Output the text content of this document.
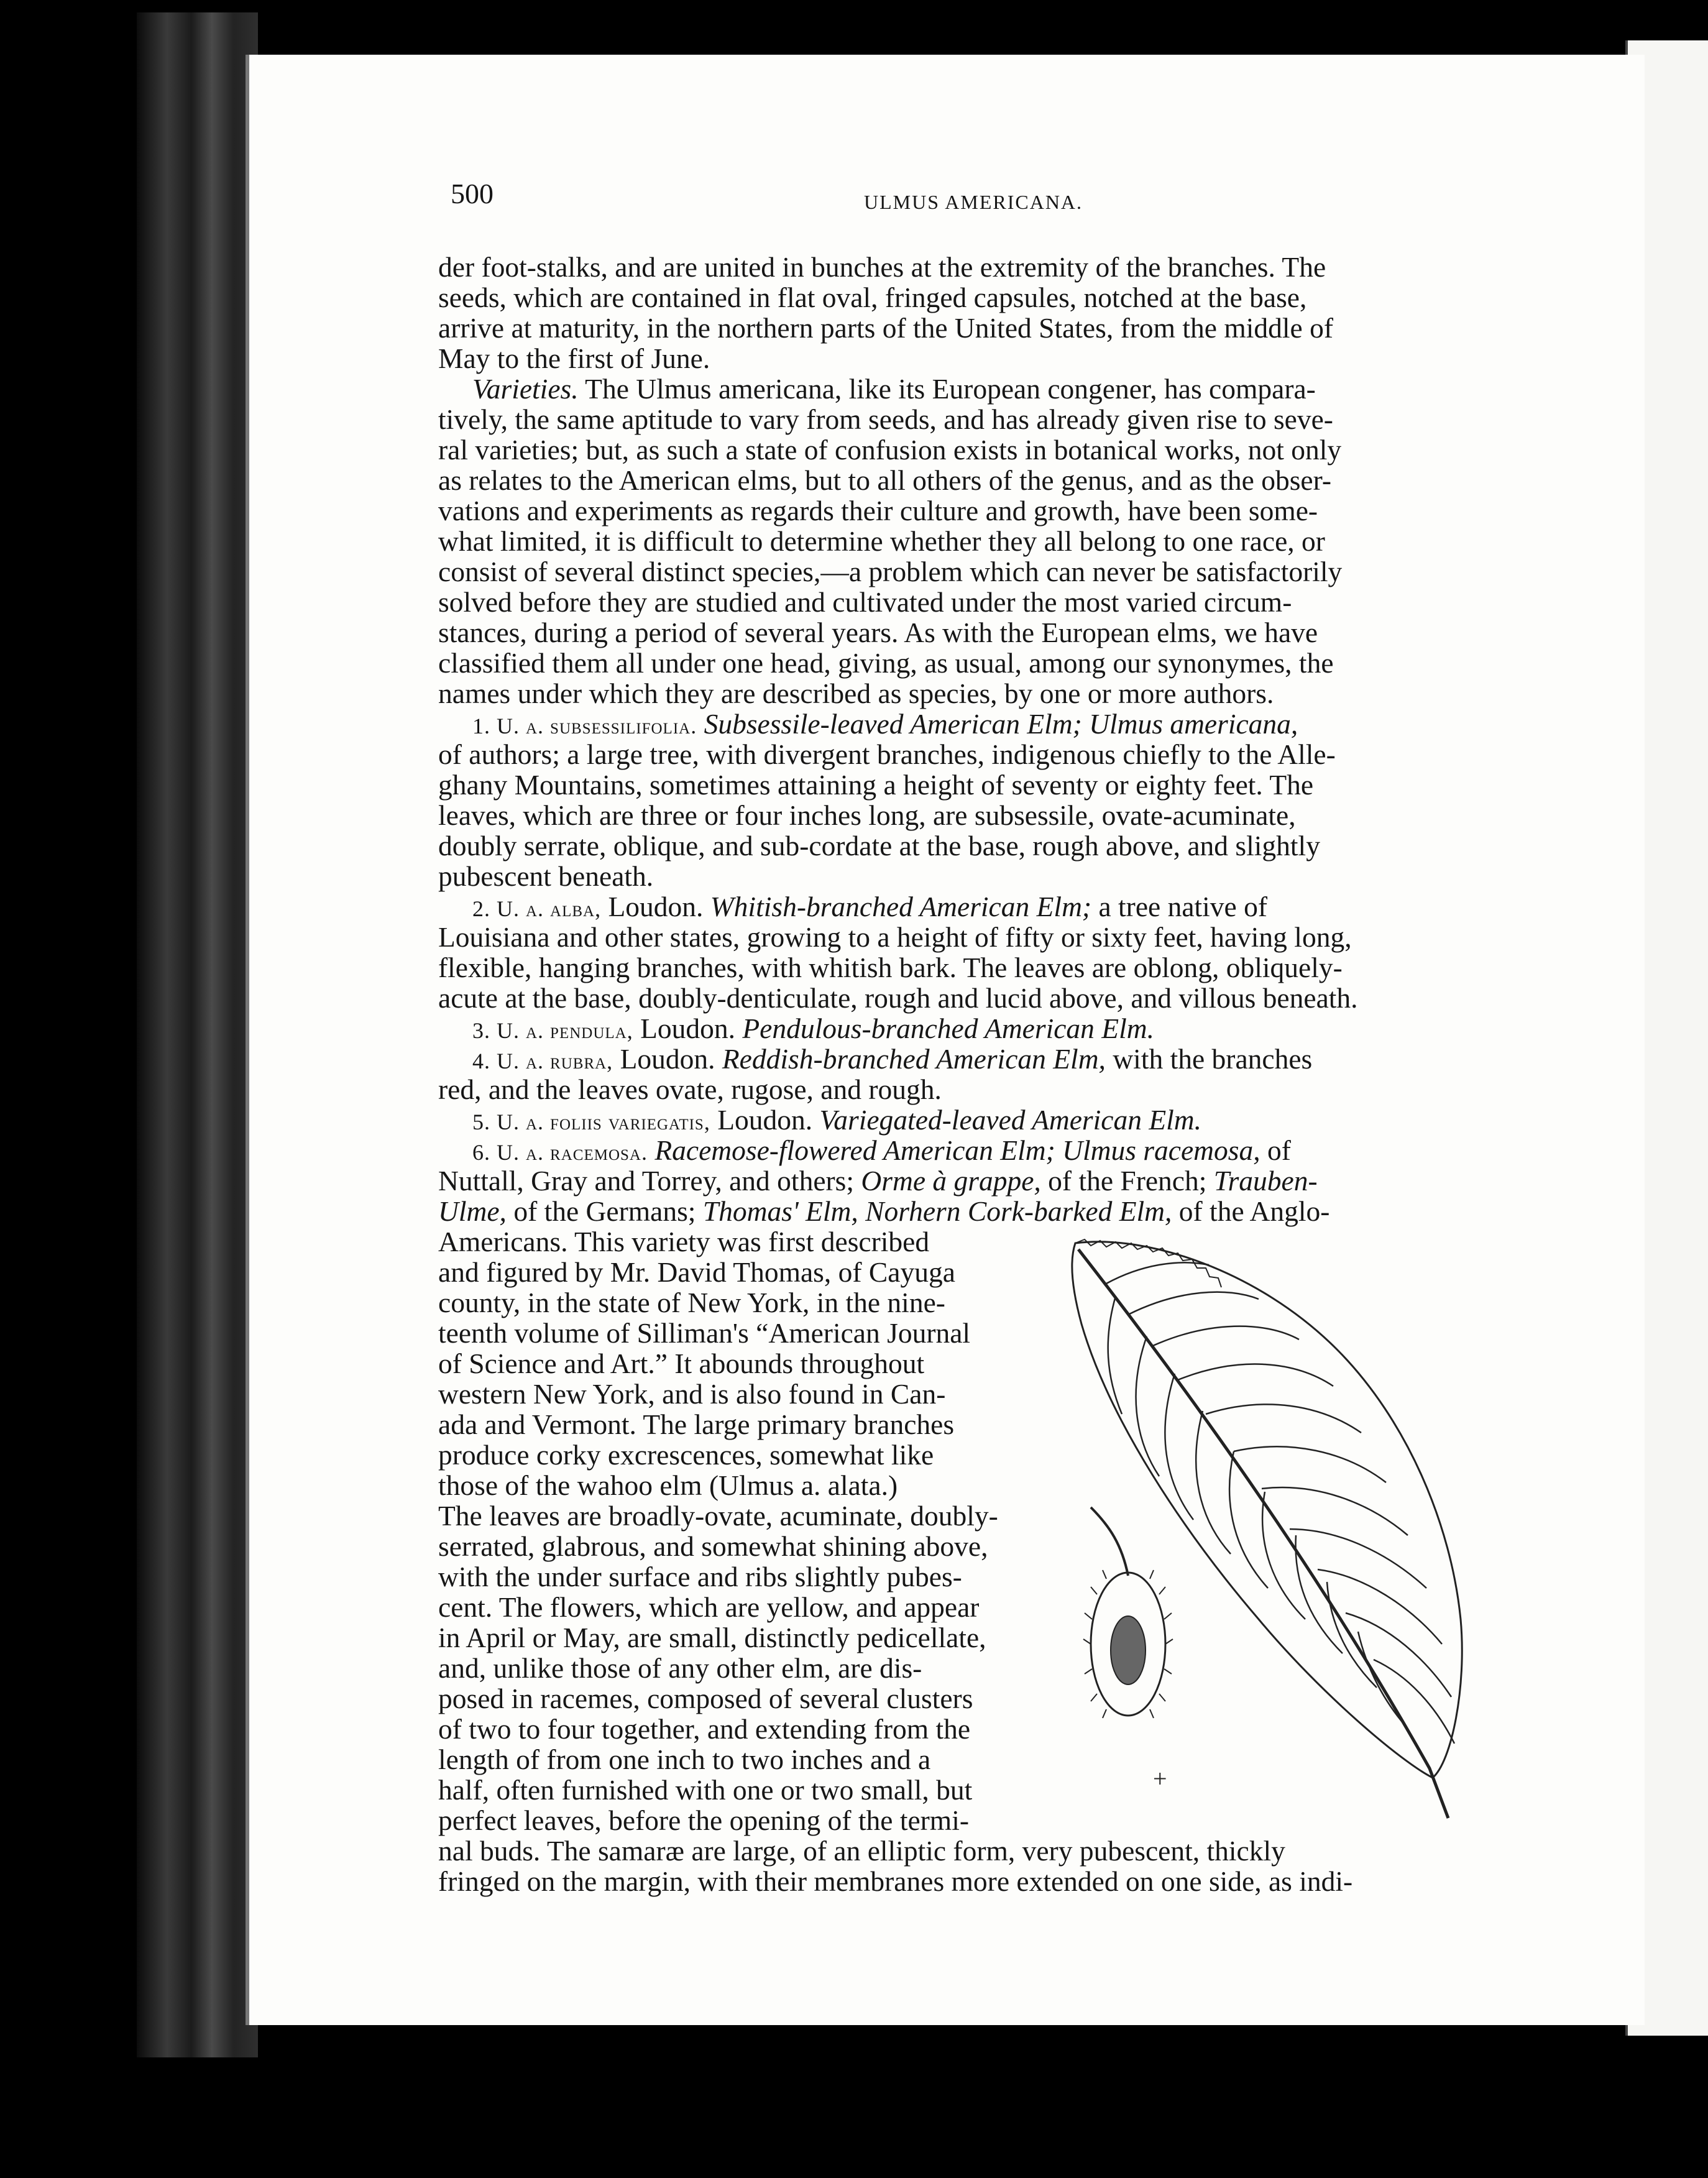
500	ULMUS AMERICANA.
der foot-stalks, and are united in bunches at the extremity of the branches. The
seeds, which are contained in flat oval, fringed capsules, notched at the base,
arrive at maturity, in the northern parts of the United States, from the middle of
May to the first of June.
Varieties. The Ulmus americana, like its European congener, has compara-
tively, the same aptitude to vary from seeds, and has already given rise to seve-
ral varieties; but, as such a state of confusion exists in botanical works, not only
as relates to the American elms, but to all others of the genus, and as the obser-
vations and experiments as regards their culture and growth, have been some-
what limited, it is difficult to determine whether they all belong to one race, or
consist of several distinct species,—a problem which can never be satisfactorily
solved before they are studied and cultivated under the most varied circum-
stances, during a period of several years. As with the European elms, we have
classified them all under one head, giving, as usual, among our synonymes, the
names under which they are described as species, by one or more authors.
1. U. a. subsessilifolia. Subsessile-leaved American Elm; Ulmus americana,
of authors; a large tree, with divergent branches, indigenous chiefly to the Alle-
ghany Mountains, sometimes attaining a height of seventy or eighty feet. The
leaves, which are three or four inches long, are subsessile, ovate-acuminate,
doubly serrate, oblique, and sub-cordate at the base, rough above, and slightly
pubescent beneath.
2. U. a. alba, Loudon. Whitish-branched American Elm; a tree native of
Louisiana and other states, growing to a height of fifty or sixty feet, having long,
flexible, hanging branches, with whitish bark. The leaves are oblong, obliquely-
acute at the base, doubly-denticulate, rough and lucid above, and villous beneath.
3. U. a. pendula, Loudon. Pendulous-branched American Elm.
4. U. a. rubra, Loudon. Reddish-branched American Elm, with the branches
red, and the leaves ovate, rugose, and rough.
5. U. a. foliis variegatis, Loudon. Variegated-leaved American Elm.
6. U. a. racemosa. Racemose-flowered American Elm; Ulmus racemosa, of
Nuttall, Gray and Torrey, and others; Orme à grappe, of the French; Trauben-
Ulme, of the Germans; Thomas' Elm, Norhern Cork-barked Elm, of the Anglo-
Americans. This variety was first described
and figured by Mr. David Thomas, of Cayuga
county, in the state of New York, in the nine-
teenth volume of Silliman's “American Journal
of Science and Art.” It abounds throughout
western New York, and is also found in Can-
ada and Vermont. The large primary branches
produce corky excrescences, somewhat like
those of the wahoo elm (Ulmus a. alata.)
The leaves are broadly-ovate, acuminate, doubly-
serrated, glabrous, and somewhat shining above,
with the under surface and ribs slightly pubes-
cent. The flowers, which are yellow, and appear
in April or May, are small, distinctly pedicellate,
and, unlike those of any other elm, are dis-
posed in racemes, composed of several clusters
of two to four together, and extending from the
length of from one inch to two inches and a
half, often furnished with one or two small, but
perfect leaves, before the opening of the termi-
nal buds. The samaræ are large, of an elliptic form, very pubescent, thickly
fringed on the margin, with their membranes more extended on one side, as indi-
+
